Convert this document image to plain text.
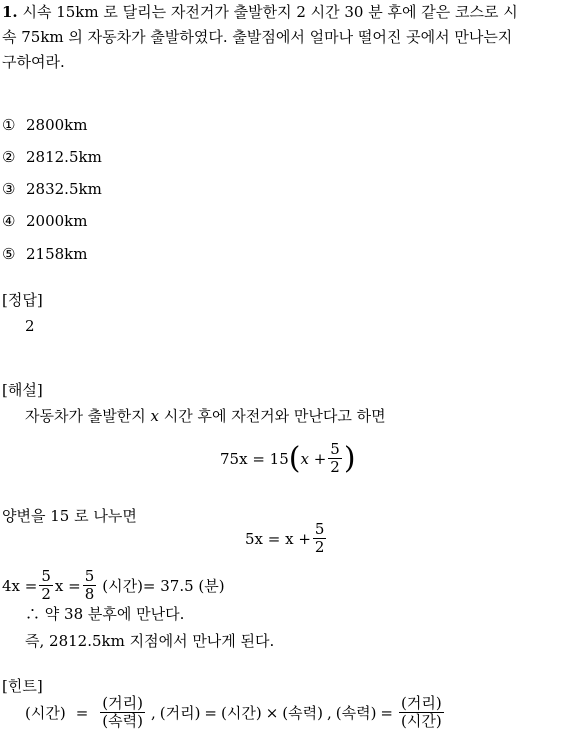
1. 시속 15km 로 달리는 자전거가 출발한지 2 시간 30 분 후에 같은 코스로 시
속 75km 의 자동차가 출발하였다. 출발점에서 얼마나 떨어진 곳에서 만나는지
구하여라.
① 2800km
② 2812.5km
③ 2832.5km
④ 2000km
⑤ 2158km
[정답]
2
[해설]
자동차가 출발한지 x 시간 후에 자전거와 만난다고 하면
75x = 15 ( $x + \frac{5}{2}$ )
양변을 15 로 나누면
$5x = x + \frac{5}{2}$
$4x = \frac{5}{2}$ $x = \frac{5}{8}$ (시간)= 37.5 (분)
∴ 약 38 분후에 만난다.
즉, 2812.5km 지점에서 만나게 된다.
[힌트]
(시간) = $\frac{\text{(거리)}}{\text{(속력)}}$ , (거리) = (시간) × (속력) , (속력) = $\frac{\text{(거리)}}{\text{(시간)}}$
